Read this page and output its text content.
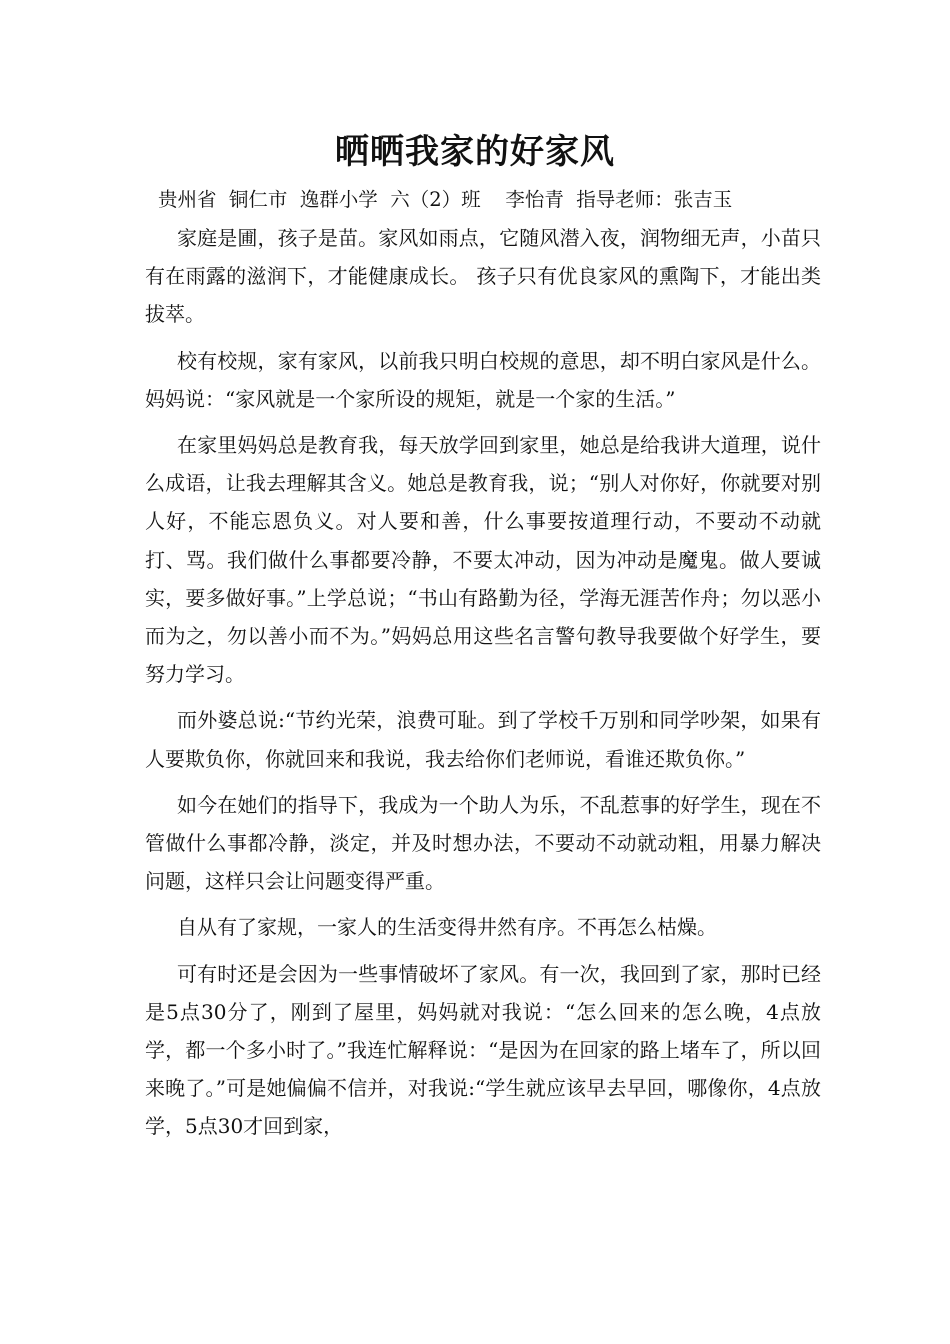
晒晒我家的好家风
贵州省  铜仁市  逸群小学  六（2）班    李怡青  指导老师：张吉玉

家庭是圃，孩子是苗。家风如雨点，它随风潜入夜，润物细无声，小苗只有在雨露的滋润下，才能健康成长。 孩子只有优良家风的熏陶下，才能出类拔萃。

校有校规，家有家风，以前我只明白校规的意思，却不明白家风是什么。妈妈说：“家风就是一个家所设的规矩，就是一个家的生活。”

在家里妈妈总是教育我，每天放学回到家里，她总是给我讲大道理，说什么成语，让我去理解其含义。她总是教育我，说；“别人对你好，你就要对别人好，不能忘恩负义。对人要和善，什么事要按道理行动，不要动不动就打、骂。我们做什么事都要冷静，不要太冲动，因为冲动是魔鬼。做人要诚实，要多做好事。”上学总说；“书山有路勤为径，学海无涯苦作舟；勿以恶小而为之，勿以善小而不为。”妈妈总用这些名言警句教导我要做个好学生，要努力学习。

而外婆总说:“节约光荣，浪费可耻。到了学校千万别和同学吵架，如果有人要欺负你，你就回来和我说，我去给你们老师说，看谁还欺负你。”

如今在她们的指导下，我成为一个助人为乐，不乱惹事的好学生，现在不管做什么事都冷静，淡定，并及时想办法，不要动不动就动粗，用暴力解决问题，这样只会让问题变得严重。

自从有了家规，一家人的生活变得井然有序。不再怎么枯燥。

可有时还是会因为一些事情破坏了家风。有一次，我回到了家，那时已经是5点30分了，刚到了屋里，妈妈就对我说：“怎么回来的怎么晚，4点放学，都一个多小时了。”我连忙解释说：“是因为在回家的路上堵车了，所以回来晚了。”可是她偏偏不信并，对我说:“学生就应该早去早回，哪像你，4点放学，5点30才回到家，
